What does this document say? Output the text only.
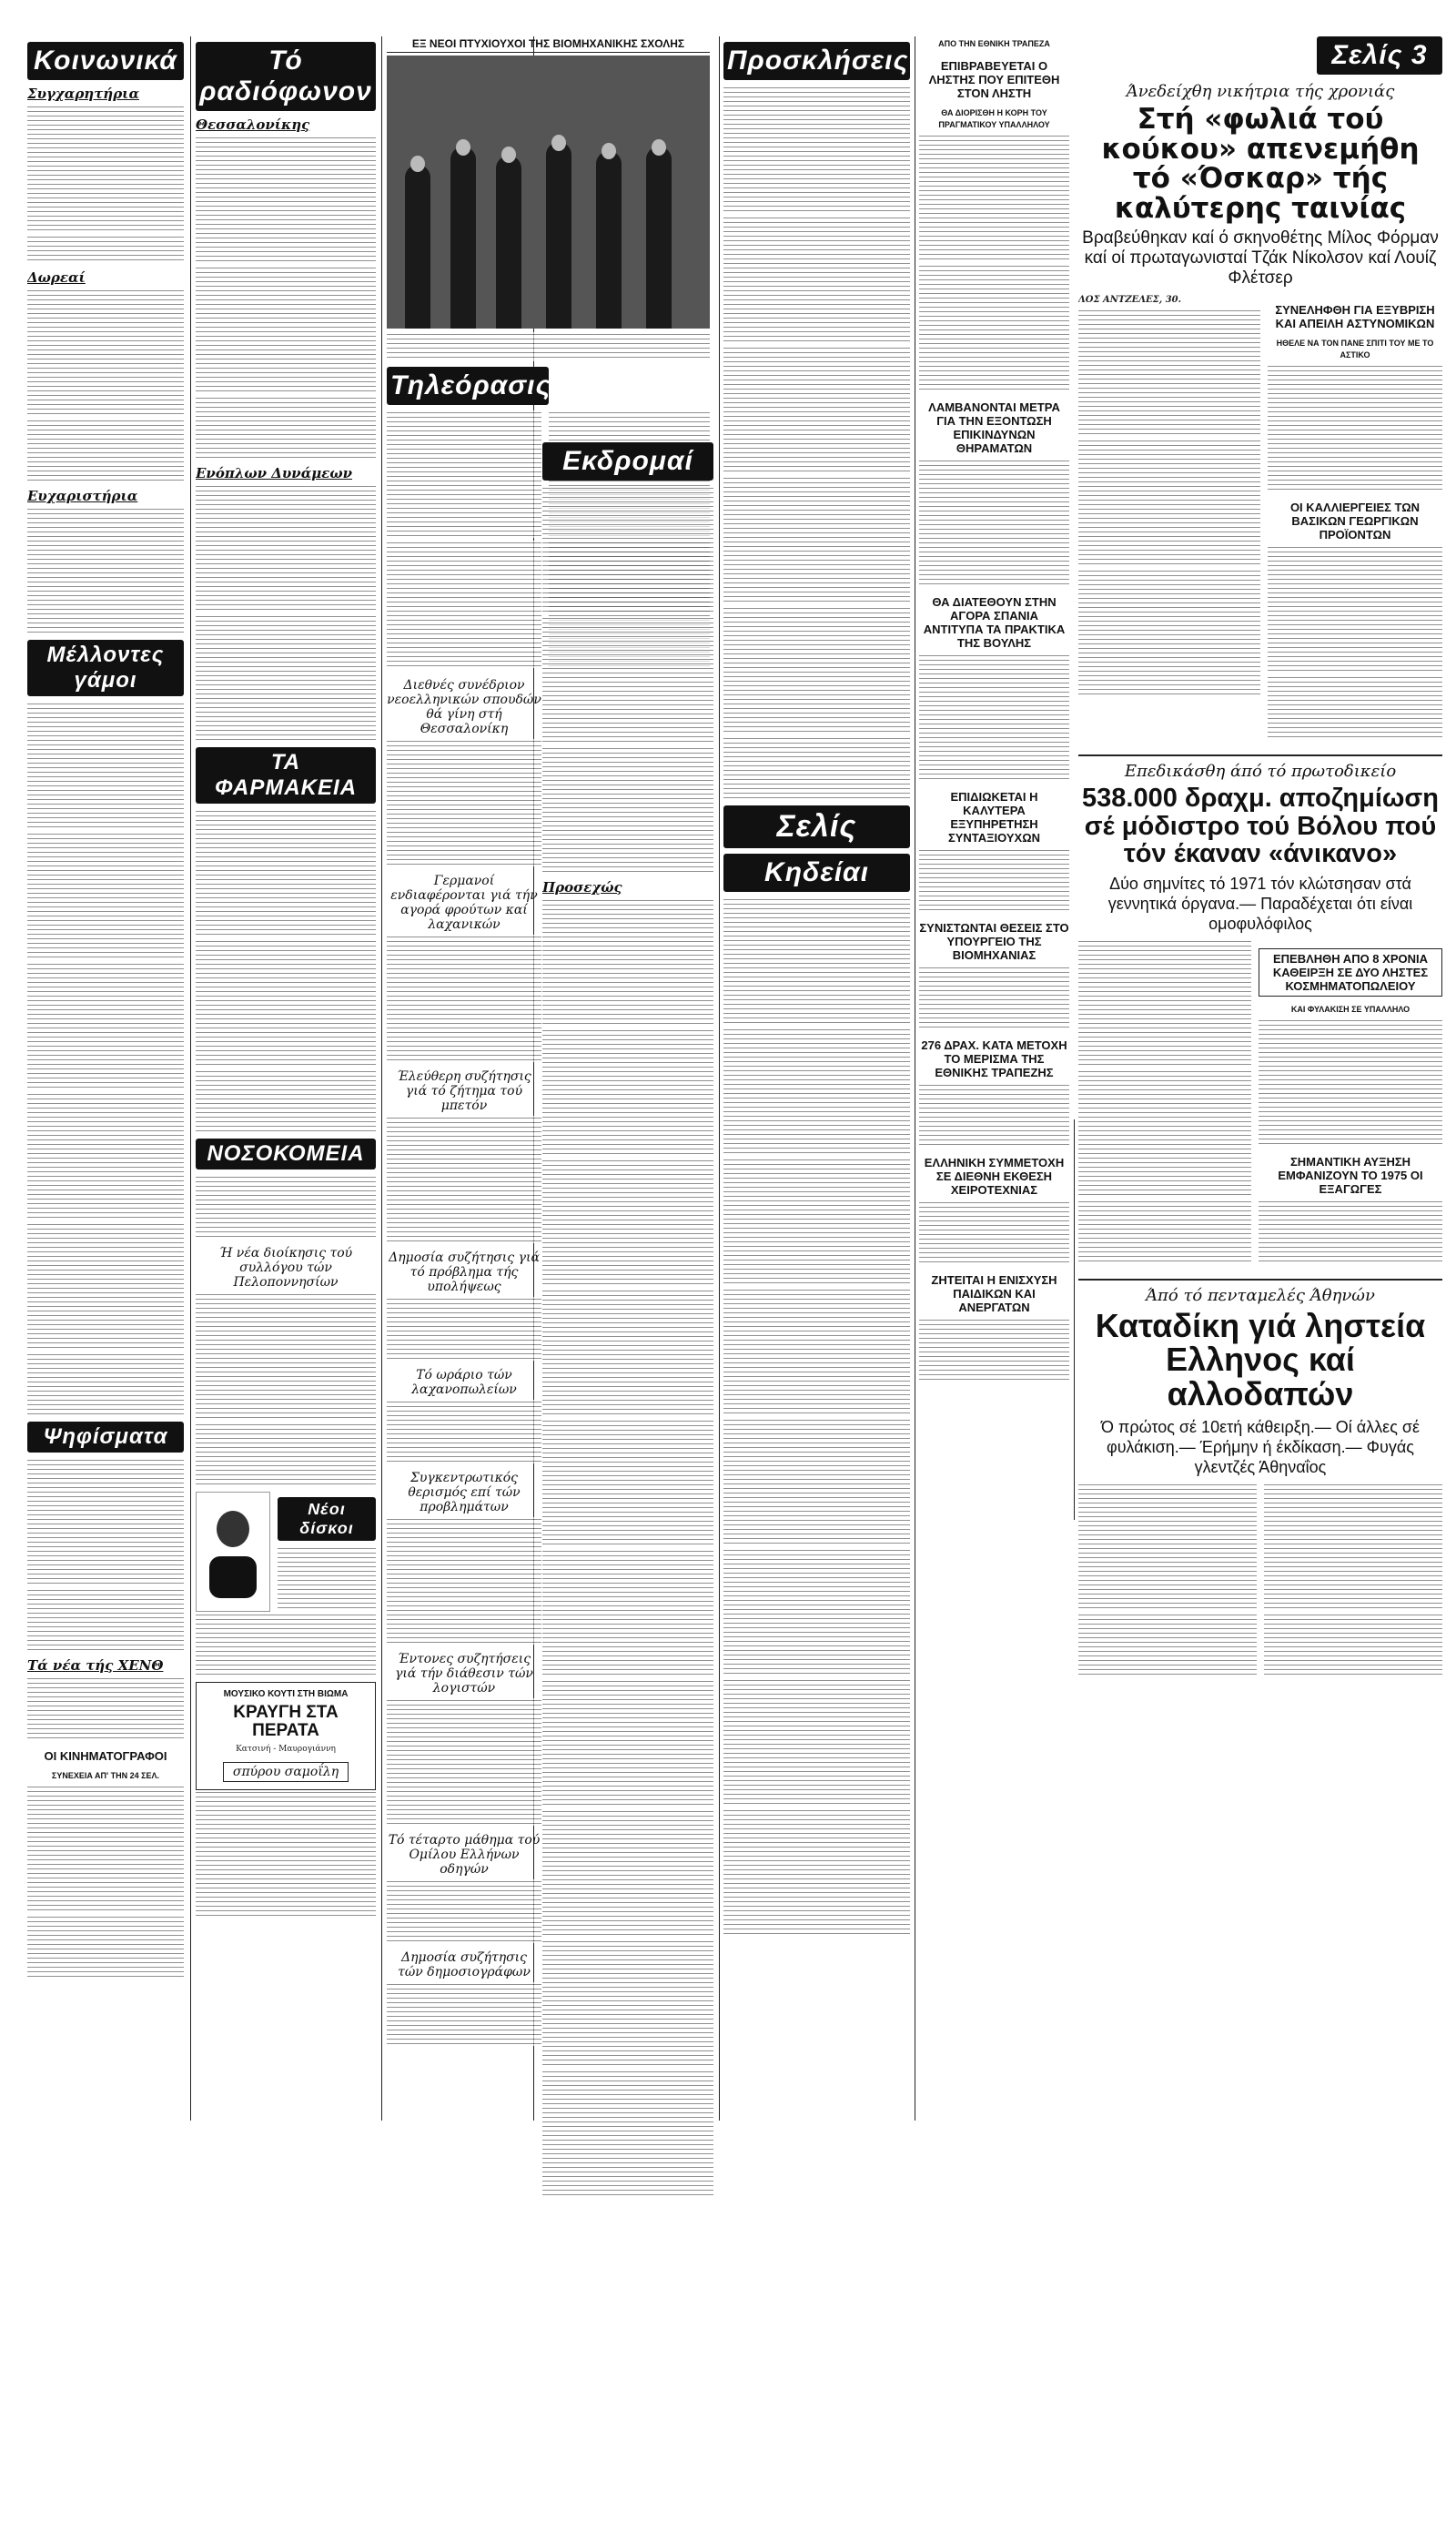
Κοινωνικά
Συγχαρητήρια
Δωρεαί
Ευχαριστήρια
Μέλλοντες γάμοι
Ψηφίσματα
Τά νέα τής ΧΕΝΘ
ΟΙ ΚΙΝΗΜΑΤΟΓΡΑΦΟΙ
ΣΥΝΕΧΕΙΑ ΑΠ' ΤΗΝ 24 ΣΕΛ.
Τό ραδιόφωνον
Θεσσαλονίκης
Ενόπλων Δυνάμεων
ΤΑ ΦΑΡΜΑΚΕΙΑ
ΝΟΣΟΚΟΜΕΙΑ
Ή νέα διοίκησις τού συλλόγου τών Πελοποννησίων
Νέοι δίσκοι
ΜΟΥΣΙΚΟ ΚΟΥΤΙ ΣΤΗ ΒΙΩΜΑ
ΚΡΑΥΓΗ ΣΤΑ ΠΕΡΑΤΑ
Κατσινή - Μαυρογιάννη
σπύρου σαμοΐλη
ΕΞ ΝΕΟΙ ΠΤΥΧΙΟΥΧΟΙ ΤΗΣ ΒΙΟΜΗΧΑΝΙΚΗΣ ΣΧΟΛΗΣ
Τηλεόρασις
Διεθνές συνέδριον νεοελληνικών σπουδών θά γίνη στή Θεσσαλονίκη
Γερμανοί ενδιαφέρονται γιά τήν αγορά φρούτων καί λαχανικών
Έλεύθερη συζήτησις γιά τό ζήτημα τού μπετόν
Δημοσία συζήτησις γιά τό πρόβλημα τής υπολήψεως
Τό ωράριο τών λαχανοπωλείων
Συγκεντρωτικός θερισμός επί τών προβλημάτων
Έντονες συζητήσεις γιά τήν διάθεσιν τών λογιστών
Τό τέταρτο μάθημα τού Ομίλου Ελλήνων οδηγών
Δημοσία συζήτησις τών δημοσιογράφων
Εκδρομαί
Προσεχώς
Προσκλήσεις
Σελίς
Κηδείαι
ΑΠΟ ΤΗΝ ΕΘΝΙΚΗ ΤΡΑΠΕΖΑ
ΕΠΙΒΡΑΒΕΥΕΤΑΙ Ο ΛΗΣΤΗΣ ΠΟΥ ΕΠΙΤΕΘΗ ΣΤΟΝ ΛΗΣΤΗ
ΘΑ ΔΙΟΡΙΣΘΗ Η ΚΟΡΗ ΤΟΥ ΠΡΑΓΜΑΤΙΚΟΥ ΥΠΑΛΛΗΛΟΥ
ΛΑΜΒΑΝΟΝΤΑΙ ΜΕΤΡΑ ΓΙΑ ΤΗΝ ΕΞΟΝΤΩΣΗ ΕΠΙΚΙΝΔΥΝΩΝ ΘΗΡΑΜΑΤΩΝ
ΘΑ ΔΙΑΤΕΘΟΥΝ ΣΤΗΝ ΑΓΟΡΑ ΣΠΑΝΙΑ ΑΝΤΙΤΥΠΑ ΤΑ ΠΡΑΚΤΙΚΑ ΤΗΣ ΒΟΥΛΗΣ
ΕΠΙΔΙΩΚΕΤΑΙ Η ΚΑΛΥΤΕΡΑ ΕΞΥΠΗΡΕΤΗΣΗ ΣΥΝΤΑΞΙΟΥΧΩΝ
ΣΥΝΙΣΤΩΝΤΑΙ ΘΕΣΕΙΣ ΣΤΟ ΥΠΟΥΡΓΕΙΟ ΤΗΣ ΒΙΟΜΗΧΑΝΙΑΣ
276 ΔΡΑΧ. ΚΑΤΑ ΜΕΤΟΧΗ ΤΟ ΜΕΡΙΣΜΑ ΤΗΣ ΕΘΝΙΚΗΣ ΤΡΑΠΕΖΗΣ
ΕΛΛΗΝΙΚΗ ΣΥΜΜΕΤΟΧΗ ΣΕ ΔΙΕΘΝΗ ΕΚΘΕΣΗ ΧΕΙΡΟΤΕΧΝΙΑΣ
ΖΗΤΕΙΤΑΙ Η ΕΝΙΣΧΥΣΗ ΠΑΙΔΙΚΩΝ ΚΑΙ ΑΝΕΡΓΑΤΩΝ
Σελίς 3
Άνεδείχθη νικήτρια τής χρονιάς
Στή «φωλιά τού κούκου» απενεμήθη τό «Όσκαρ» τής καλύτερης ταινίας
Βραβεύθηκαν καί ό σκηνοθέτης Μίλος Φόρμαν καί οί πρωταγωνισταί Τζάκ Νίκολσον καί Λουίζ Φλέτσερ
ΛΟΣ ΑΝΤΖΕΛΕΣ, 30.
ΣΥΝΕΛΗΦΘΗ ΓΙΑ ΕΞΥΒΡΙΣΗ ΚΑΙ ΑΠΕΙΛΗ ΑΣΤΥΝΟΜΙΚΩΝ
ΗΘΕΛΕ ΝΑ ΤΟΝ ΠΑΝΕ ΣΠΙΤΙ ΤΟΥ ΜΕ ΤΟ ΑΣΤΙΚΟ
ΟΙ ΚΑΛΛΙΕΡΓΕΙΕΣ ΤΩΝ ΒΑΣΙΚΩΝ ΓΕΩΡΓΙΚΩΝ ΠΡΟΪΟΝΤΩΝ
Επεδικάσθη άπό τό πρωτοδικείο
538.000 δραχμ. αποζημίωση σέ μόδιστρο τού Βόλου πού τόν έκαναν «άνικανο»
Δύο σημνίτες τό 1971 τόν κλώτσησαν στά γεννητικά όργανα.— Παραδέχεται ότι είναι ομοφυλόφιλος
ΕΠΕΒΛΗΘΗ ΑΠΟ 8 ΧΡΟΝΙΑ ΚΑΘΕΙΡΞΗ ΣΕ ΔΥΟ ΛΗΣΤΕΣ ΚΟΣΜΗΜΑΤΟΠΩΛΕΙΟΥ
ΚΑΙ ΦΥΛΑΚΙΣΗ ΣΕ ΥΠΑΛΛΗΛΟ
ΣΗΜΑΝΤΙΚΗ ΑΥΞΗΣΗ ΕΜΦΑΝΙΖΟΥΝ ΤΟ 1975 ΟΙ ΕΞΑΓΩΓΕΣ
Άπό τό πενταμελές Άθηνών
Καταδίκη γιά ληστεία Ελληνος καί αλλοδαπών
Ό πρώτος σέ 10ετή κάθειρξη.— Οί άλλες σέ φυλάκιση.— Έρήμην ή έκδίκαση.— Φυγάς γλεντζές Άθηναΐος
